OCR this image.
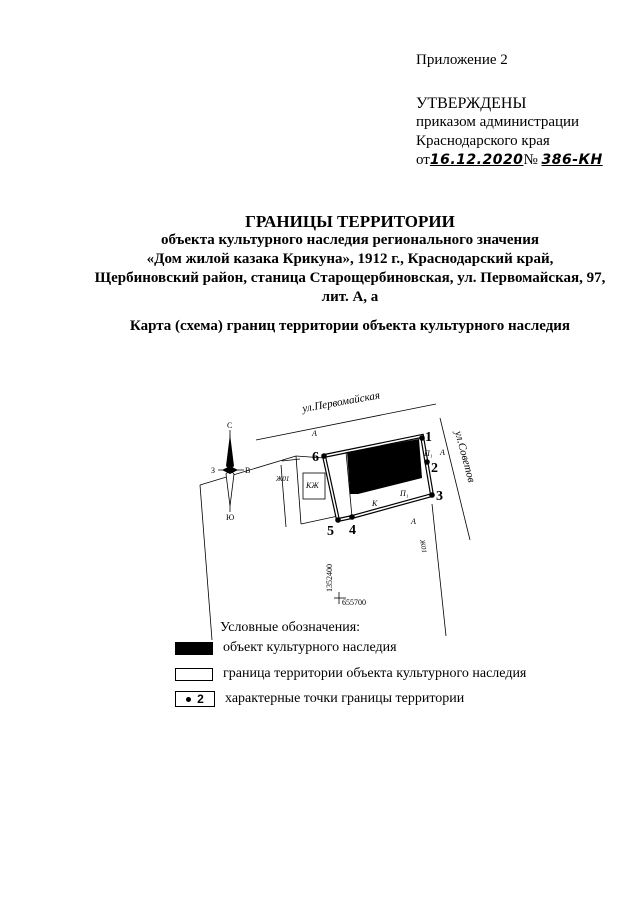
Приложение 2
УТВЕРЖДЕНЫ
приказом администрации
Краснодарского края
от16.12.2020№ 386-КН
ГРАНИЦЫ ТЕРРИТОРИИ
объекта культурного наследия регионального значения
«Дом жилой казака Крикуна», 1912 г., Краснодарский край,
Щербиновский район, станица Старощербиновская, ул. Первомайская, 97,
лит. А, а
Карта (схема) границ территории объекта культурного наследия
1
2
3
4
5
6
ул.Первомайская
ул.Советов
А
А
А
П₁
П₁
К
КЖ
Ж01
Ж01
1352400
655700
С
Ю
З	В
Условные обозначения:
объект культурного наследия
граница территории объекта культурного наследия
2 характерные точки границы территории
